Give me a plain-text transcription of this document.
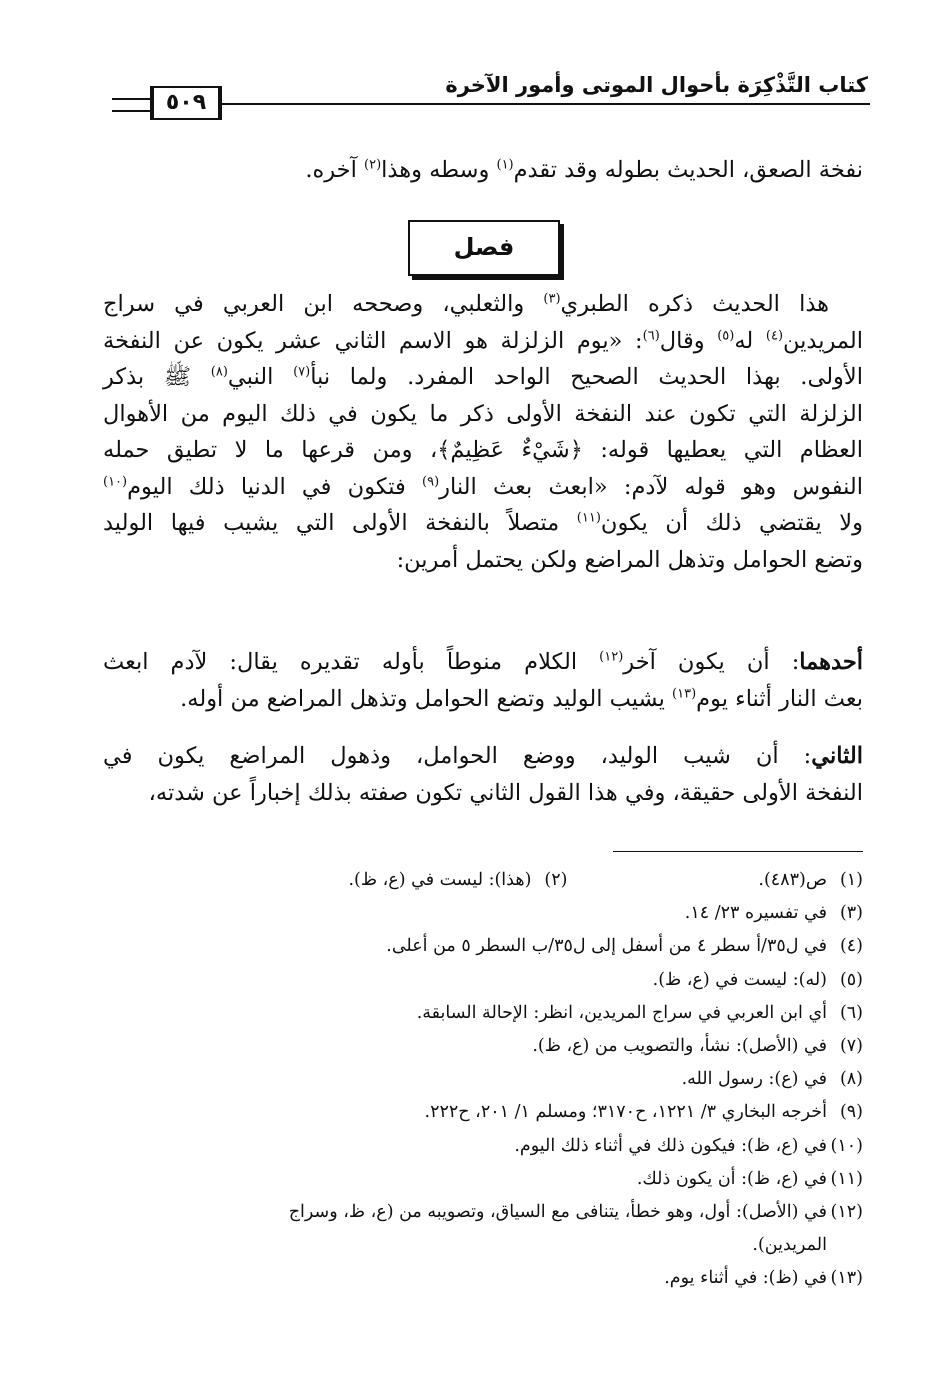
كتاب التَّذْكِرَة بأحوال الموتى وأمور الآخرة
٥٠٩
نفخة الصعق، الحديث بطوله وقد تقدم$^{(١)}$ وسطه وهذا$^{(٢)}$ آخره.
فصل
هذا الحديث ذكره الطبري$^{(٣)}$ والثعلبي، وصححه ابن العربي في سراج
المريدين$^{(٤)}$ له$^{(٥)}$ وقال$^{(٦)}$: «يوم الزلزلة هو الاسم الثاني عشر يكون عن النفخة
الأولى. بهذا الحديث الصحيح الواحد المفرد. ولما نبأ$^{(٧)}$ النبي$^{(٨)}$ ﷺ بذكر
الزلزلة التي تكون عند النفخة الأولى ذكر ما يكون في ذلك اليوم من الأهوال
العظام التي يعطيها قوله: ﴿شَيْءٌ عَظِيمٌ﴾، ومن قرعها ما لا تطيق حمله
النفوس وهو قوله لآدم: «ابعث بعث النار$^{(٩)}$ فتكون في الدنيا ذلك اليوم$^{(١٠)}$
ولا يقتضي ذلك أن يكون$^{(١١)}$ متصلاً بالنفخة الأولى التي يشيب فيها الوليد
وتضع الحوامل وتذهل المراضع ولكن يحتمل أمرين:
أحدهما: أن يكون آخر$^{(١٢)}$ الكلام منوطاً بأوله تقديره يقال: لآدم ابعث
بعث النار أثناء يوم$^{(١٣)}$ يشيب الوليد وتضع الحوامل وتذهل المراضع من أوله.
الثاني: أن شيب الوليد، ووضع الحوامل، وذهول المراضع يكون في
النفخة الأولى حقيقة، وفي هذا القول الثاني تكون صفته بذلك إخباراً عن شدته،
(١)ص(٤٨٣). (٢)(هذا): ليست في (ع، ظ).
(٣)في تفسيره ٢٣/ ١٤.
(٤)في ل٣٥/أ سطر ٤ من أسفل إلى ل٣٥/ب السطر ٥ من أعلى.
(٥)(له): ليست في (ع، ظ).
(٦)أي ابن العربي في سراج المريدين، انظر: الإحالة السابقة.
(٧)في (الأصل): نشأ، والتصويب من (ع، ظ).
(٨)في (ع): رسول الله.
(٩)أخرجه البخاري ٣/ ١٢٢١، ح٣١٧٠؛ ومسلم ١/ ٢٠١، ح٢٢٢.
(١٠)في (ع، ظ): فيكون ذلك في أثناء ذلك اليوم.
(١١)في (ع، ظ): أن يكون ذلك.
(١٢)في (الأصل): أول، وهو خطأ، يتنافى مع السياق، وتصويبه من (ع، ظ، وسراج
المريدين).
(١٣)في (ظ): في أثناء يوم.
